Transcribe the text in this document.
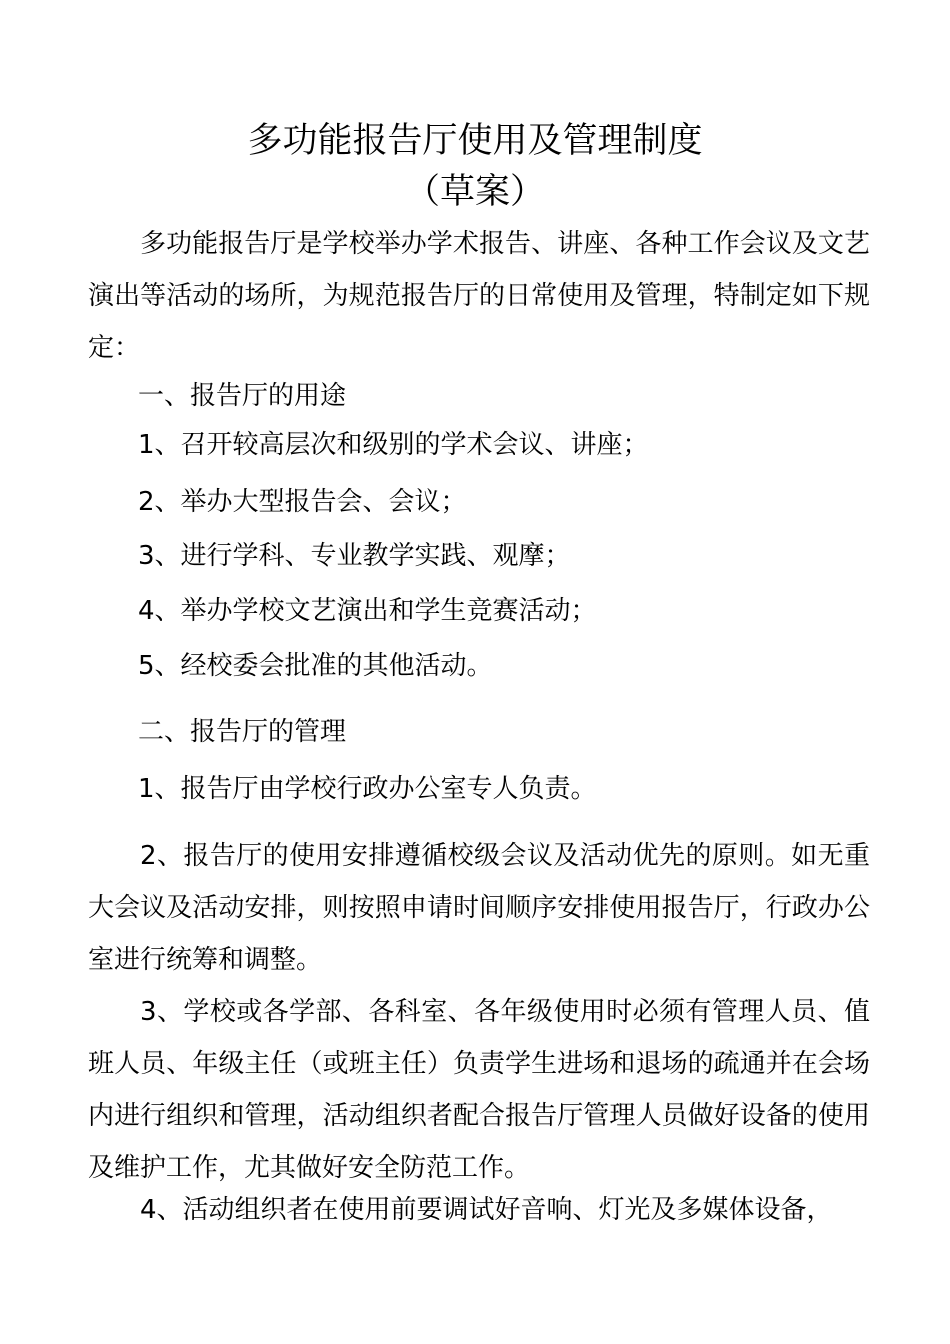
多功能报告厅使用及管理制度
（草案）
多功能报告厅是学校举办学术报告、讲座、各种工作会议及文艺演出等活动的场所，为规范报告厅的日常使用及管理，特制定如下规定：
一、报告厅的用途
1、召开较高层次和级别的学术会议、讲座；
2、举办大型报告会、会议；
3、进行学科、专业教学实践、观摩；
4、举办学校文艺演出和学生竞赛活动；
5、经校委会批准的其他活动。
二、报告厅的管理
1、报告厅由学校行政办公室专人负责。
2、报告厅的使用安排遵循校级会议及活动优先的原则。如无重大会议及活动安排，则按照申请时间顺序安排使用报告厅，行政办公室进行统筹和调整。
3、学校或各学部、各科室、各年级使用时必须有管理人员、值班人员、年级主任（或班主任）负责学生进场和退场的疏通并在会场内进行组织和管理，活动组织者配合报告厅管理人员做好设备的使用及维护工作，尤其做好安全防范工作。
4、活动组织者在使用前要调试好音响、灯光及多媒体设备，
